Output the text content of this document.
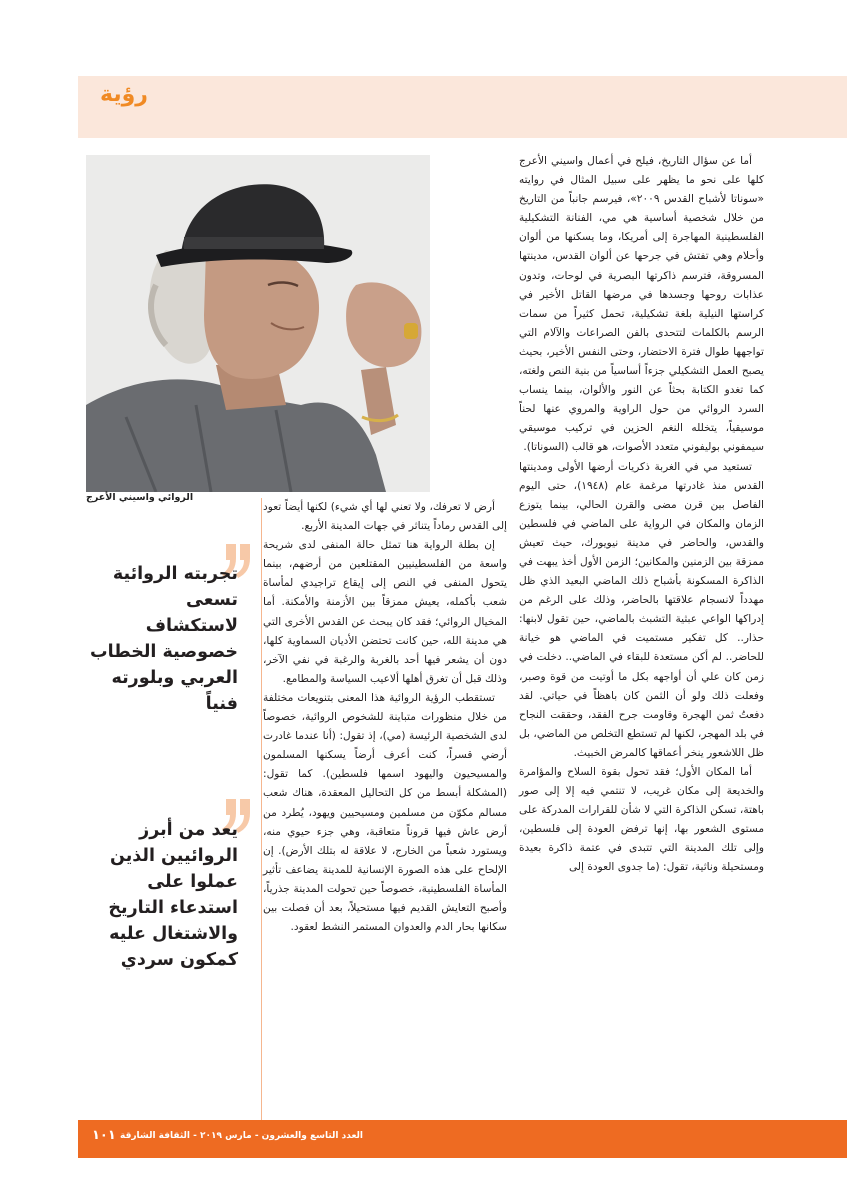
رؤية
الروائي واسيني الأعرج

أما عن سؤال التاريخ، فيلح في أعمال واسيني الأعرج كلها على نحو ما يظهر على سبيل المثال في روايته «سوناتا لأشباح القدس ٢٠٠٩»، فيرسم جانباً من التاريخ من خلال شخصية أساسية هي مي، الفنانة التشكيلية الفلسطينية المهاجرة إلى أمريكا، وما يسكنها من ألوان وأحلام وهي تفتش في جرحها عن ألوان القدس، مدينتها المسروقة، فترسم ذاكرتها البصرية في لوحات، وتدون عذابات روحها وجسدها في مرضها القاتل الأخير في كراستها النيلية بلغة تشكيلية، تحمل كثيراً من سمات الرسم بالكلمات لتتحدى بالفن الصراعات والآلام التي تواجهها طوال فترة الاحتضار، وحتى النفس الأخير، بحيث يصبح العمل التشكيلي جزءاً أساسياً من بنية النص ولغته، كما تغدو الكتابة بحثاً عن النور والألوان، بينما ينساب السرد الروائي من حول الراوية والمروي عنها لحناً موسيقياً، يتخلله النغم الحزين في تركيب موسيقي سيمفوني بوليفوني متعدد الأصوات، هو قالب (السوناتا).

تستعيد مي في الغربة ذكريات أرضها الأولى ومدينتها القدس منذ غادرتها مرغمة عام (١٩٤٨)، حتى اليوم الفاصل بين قرن مضى والقرن الحالي، بينما يتوزع الزمان والمكان في الرواية على الماضي في فلسطين والقدس، والحاضر في مدينة نيويورك، حيث تعيش ممزقة بين الزمنين والمكانين؛ الزمن الأول أخذ يبهت في الذاكرة المسكونة بأشباح ذلك الماضي البعيد الذي ظل مهدداً لانسجام علاقتها بالحاضر، وذلك على الرغم من إدراكها الواعي عبثية التشبث بالماضي، حين تقول لابنها: حذار.. كل تفكير مستميت في الماضي هو خيانة للحاضر.. لم أكن مستعدة للبقاء في الماضي.. دخلت في زمن كان علي أن أواجهه بكل ما أوتيت من قوة وصبر، وفعلت ذلك ولو أن الثمن كان باهظاً في حياتي. لقد دفعتُ ثمن الهجرة وقاومت جرح الفقد، وحققت النجاح في بلد المهجر، لكنها لم تستطع التخلص من الماضي، بل ظل اللاشعور ينخر أعماقها كالمرض الخبيث.

أما المكان الأول؛ فقد تحول بقوة السلاح والمؤامرة والخديعة إلى مكان غريب، لا تنتمي فيه إلا إلى صور باهتة، تسكن الذاكرة التي لا شأن للقرارات المدركة على مستوى الشعور بها، إنها ترفض العودة إلى فلسطين، وإلى تلك المدينة التي تتبدى في عتمة ذاكرة بعيدة ومستحيلة وناثية، تقول: (ما جدوى العودة إلى

أرض لا تعرفك، ولا تعني لها أي شيء) لكنها أيضاً تعود إلى القدس رماداً يتناثر في جهات المدينة الأربع.

إن بطلة الرواية هنا تمثل حالة المنفى لدى شريحة واسعة من الفلسطينيين المقتلعين من أرضهم، بينما يتحول المنفى في النص إلى إيقاع تراجيدي لمأساة شعب بأكمله، يعيش ممزقاً بين الأزمنة والأمكنة. أما المخيال الروائي؛ فقد كان يبحث عن القدس الأخرى التي هي مدينة الله، حين كانت تحتضن الأديان السماوية كلها، دون أن يشعر فيها أحد بالغربة والرغبة في نفي الآخر، وذلك قبل أن تغرق أهلها ألاعيب السياسة والمطامع.

تستقطب الرؤية الروائية هذا المعنى بتنويعات مختلفة من خلال منظورات متباينة للشخوص الروائية، خصوصاً لدى الشخصية الرئيسة (مي)، إذ تقول: (أنا عندما غادرت أرضي قسراً، كنت أعرف أرضاً يسكنها المسلمون والمسيحيون واليهود اسمها فلسطين). كما تقول: (المشكلة أبسط من كل التحاليل المعقدة، هناك شعب مسالم مكوّن من مسلمين ومسيحيين ويهود، يُطرد من أرض عاش فيها قروناً متعاقبة، وهي جزء حيوي منه، ويستورد شعباً من الخارج، لا علاقة له بتلك الأرض). إن الإلحاح على هذه الصورة الإنسانية للمدينة يضاعف تأثير المأساة الفلسطينية، خصوصاً حين تحولت المدينة جذرياً، وأصبح التعايش القديم فيها مستحيلاً، بعد أن فصلت بين سكانها بحار الدم والعدوان المستمر النشط لعقود.

تجربته الروائية تسعى لاستكشاف خصوصية الخطاب العربي وبلورته فنياً
يعد من أبرز الروائيين الذين عملوا على استدعاء التاريخ والاشتغال عليه كمكون سردي
١٠١ العدد التاسع والعشرون - مارس ٢٠١٩ - الثقافة الشارقة
